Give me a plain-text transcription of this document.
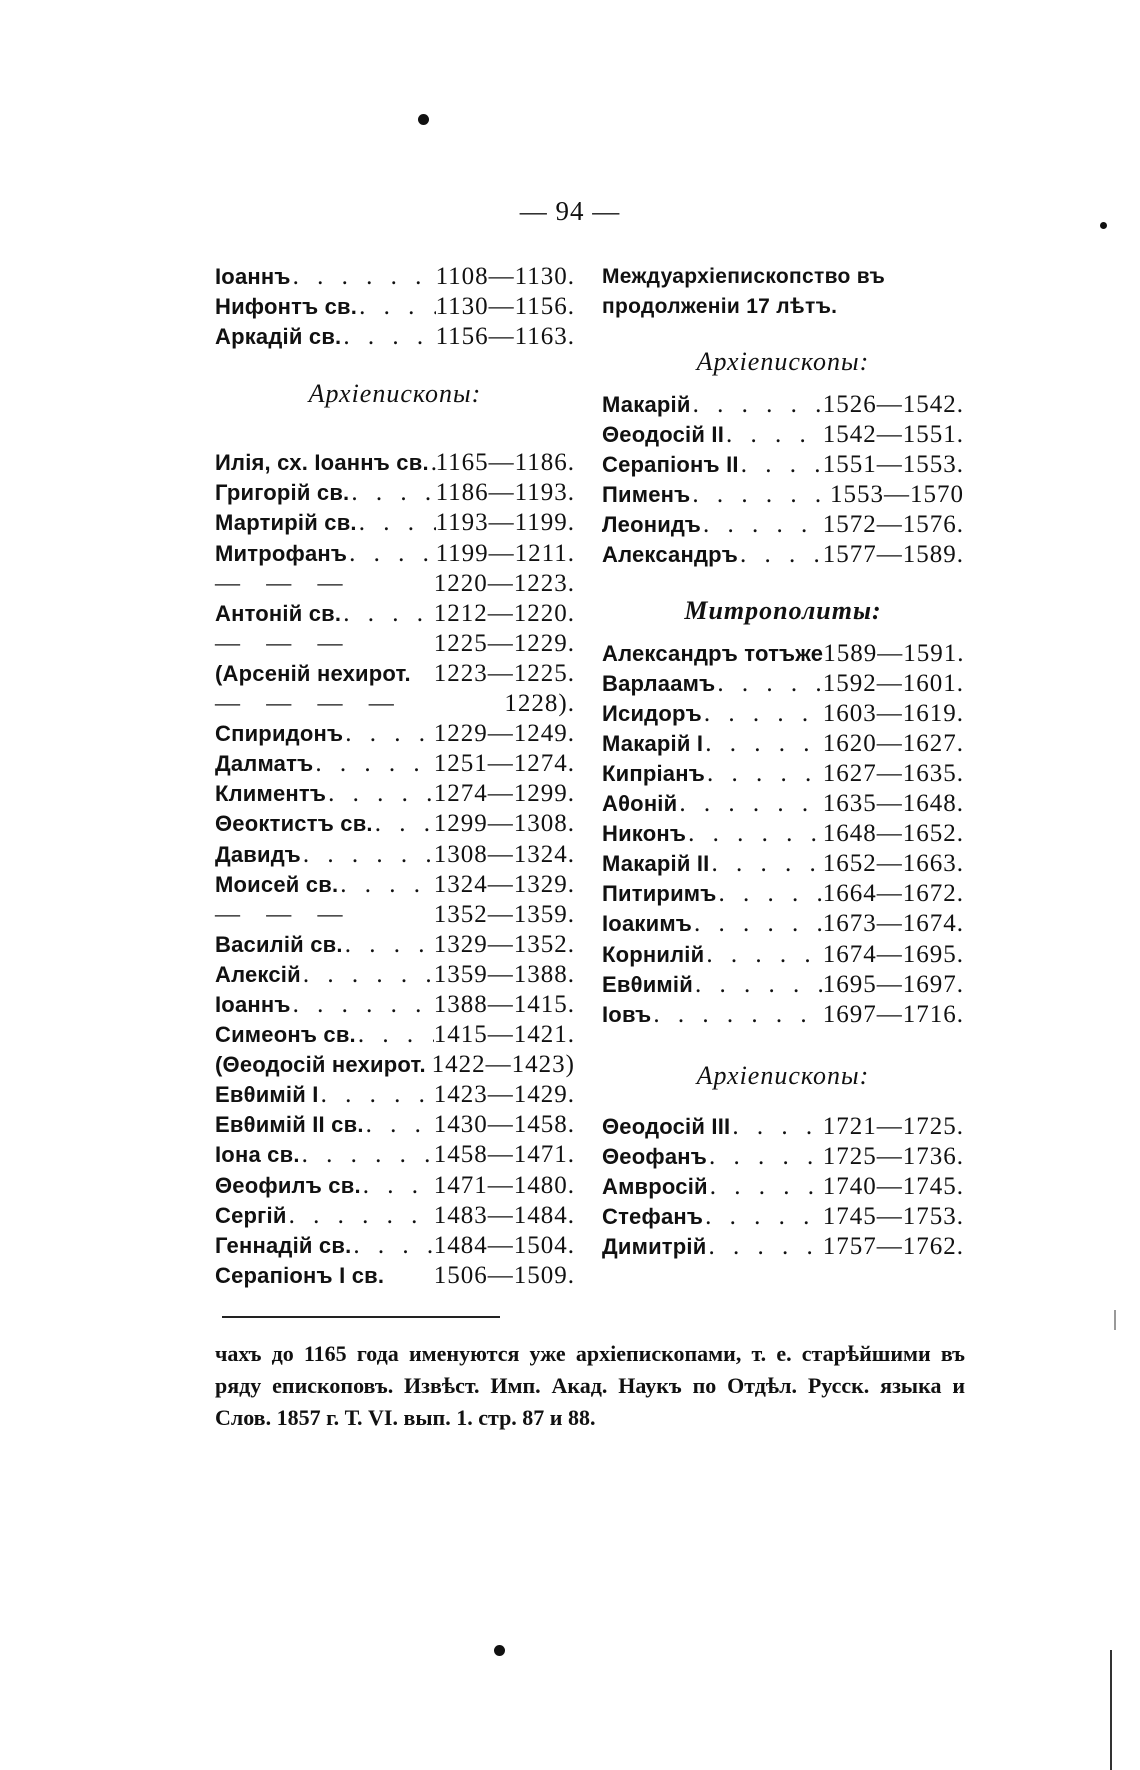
— 94 —
Іоаннъ . . .	1108—1130.
Нифонтъ св. . . .	1130—1156.
Аркадій св. . . .	1156—1163.
Архіепископы:
Илія, сх. Іоаннъ св. . . . 1165—1186.
Григорій св. . . .	1186—1193.
Мартирій св. . . .	1193—1199.
Митрофанъ . . .	1199—1211.
— — —	1220—1223.
Антоній св. . . .	1212—1220.
— — —	1225—1229.
(Арсеній нехирот. 1223—1225.
— — — —	1228).
Спиридонъ . . .	1229—1249.
Далматъ . . .	1251—1274.
Климентъ . . .	1274—1299.
Θеоктистъ св. . . . 1299—1308.
Давидъ . . .	1308—1324.
Моисей св. . . .	1324—1329.
— — —	1352—1359.
Василій св. . . .	1329—1352.
Алексій . . .	1359—1388.
Іоаннъ . . .	1388—1415.
Симеонъ св. . . .	1415—1421.
(Θеодосій нехирот. 1422—1423)
Евθимій I . . .	1423—1429.
Евθимій II св. . . .	1430—1458.
Іона св. . . .	1458—1471.
Θеофилъ св. . . .	1471—1480.
Сергій . . .	1483—1484.
Геннадій св. . . .	1484—1504.
Серапіонъ I св. 1506—1509.
Междуархіепископство въ продолженіи 17 лѣтъ.
Архіепископы:
Макарій . . .	1526—1542.
Θеодосій II . . .	1542—1551.
Серапіонъ II . . .	1551—1553.
Пименъ . . .	1553—1570
Леонидъ . . .	1572—1576.
Александръ . . .	1577—1589.
Митрополиты:
Александръ тотъже 1589—1591.
Варлаамъ . . .	1592—1601.
Исидоръ . . .	1603—1619.
Макарій I . . .	1620—1627.
Кипріанъ . . .	1627—1635.
Аθоній . . .	1635—1648.
Никонъ . . .	1648—1652.
Макарій II . . .	1652—1663.
Питиримъ . . .	1664—1672.
Іоакимъ . . .	1673—1674.
Корнилій . . .	1674—1695.
Евθимій . . .	1695—1697.
Іовъ . . .	1697—1716.
Архіепископы:
Θеодосій III . . .	1721—1725.
Θеофанъ . . .	1725—1736.
Амвросій . . .	1740—1745.
Стефанъ . . .	1745—1753.
Димитрій . . .	1757—1762.
чахъ до 1165 года именуются уже архіепископами, т. е. старѣйшими въ ряду епископовъ. Извѣст. Имп. Акад. Наукъ по Отдѣл. Русск. языка и Слов. 1857 г. Т. VI. вып. 1. стр. 87 и 88.
